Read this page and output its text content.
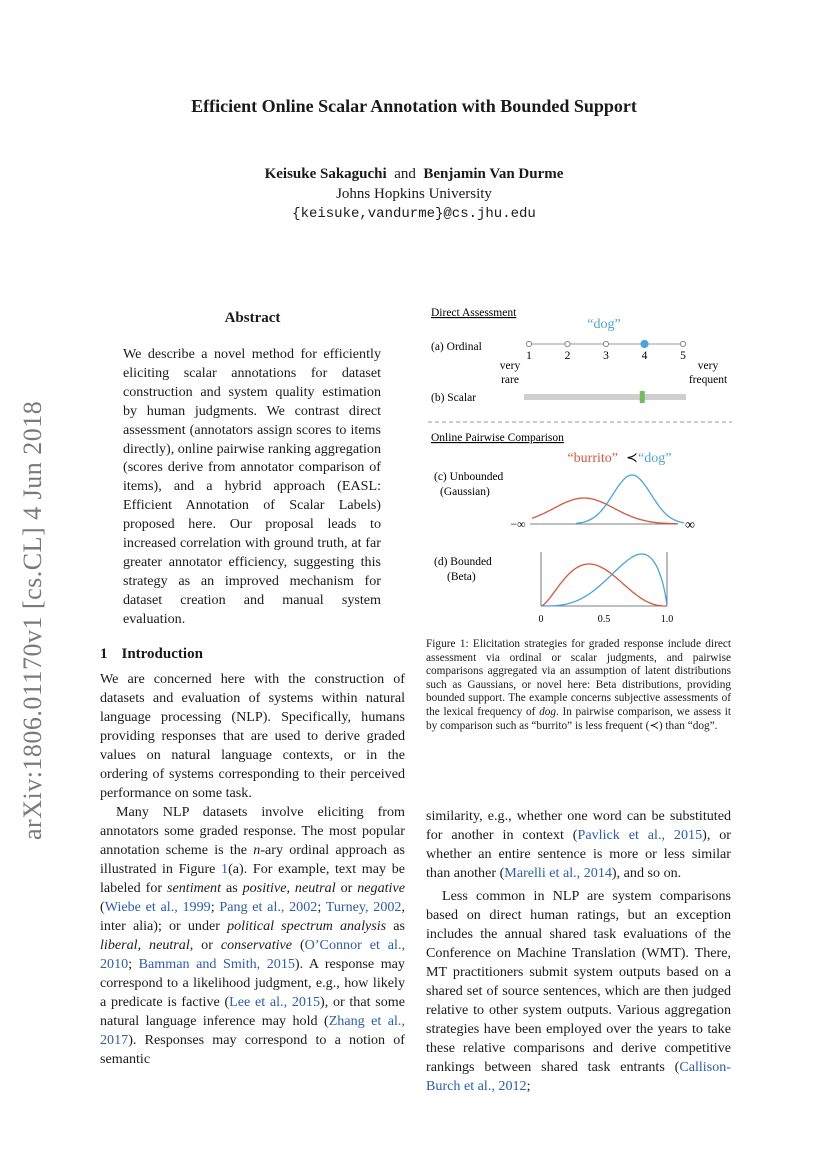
Efficient Online Scalar Annotation with Bounded Support
Keisuke Sakaguchi and Benjamin Van Durme
Johns Hopkins University
{keisuke,vandurme}@cs.jhu.edu
arXiv:1806.01170v1 [cs.CL] 4 Jun 2018
Abstract
We describe a novel method for efficiently eliciting scalar annotations for dataset construction and system quality estimation by human judgments. We contrast direct assessment (annotators assign scores to items directly), online pairwise ranking aggregation (scores derive from annotator comparison of items), and a hybrid approach (EASL: Efficient Annotation of Scalar Labels) proposed here. Our proposal leads to increased correlation with ground truth, at far greater annotator efficiency, suggesting this strategy as an improved mechanism for dataset creation and manual system evaluation.
1 Introduction

We are concerned here with the construction of datasets and evaluation of systems within natural language processing (NLP). Specifically, humans providing responses that are used to derive graded values on natural language contexts, or in the ordering of systems corresponding to their perceived performance on some task.

Many NLP datasets involve eliciting from annotators some graded response. The most popular annotation scheme is the n-ary ordinal approach as illustrated in Figure 1(a). For example, text may be labeled for sentiment as positive, neutral or negative (Wiebe et al., 1999; Pang et al., 2002; Turney, 2002, inter alia); or under political spectrum analysis as liberal, neutral, or conservative (O’Connor et al., 2010; Bamman and Smith, 2015). A response may correspond to a likelihood judgment, e.g., how likely a predicate is factive (Lee et al., 2015), or that some natural language inference may hold (Zhang et al., 2017). Responses may correspond to a notion of semantic

Direct Assessment
“dog”
(a) Ordinal
1	2	3	4	5
very
rare
very
frequent
(b) Scalar
Online Pairwise Comparison
“burrito” ≺ “dog”
(c) Unbounded
(Gaussian)
−∞	∞
(d) Bounded
(Beta)
0	0.5	1.0
Figure 1: Elicitation strategies for graded response include direct assessment via ordinal or scalar judgments, and pairwise comparisons aggregated via an assumption of latent distributions such as Gaussians, or novel here: Beta distributions, providing bounded support. The example concerns subjective assessments of the lexical frequency of dog. In pairwise comparison, we assess it by comparison such as “burrito” is less frequent (≺) than “dog”.

similarity, e.g., whether one word can be substituted for another in context (Pavlick et al., 2015), or whether an entire sentence is more or less similar than another (Marelli et al., 2014), and so on.

Less common in NLP are system comparisons based on direct human ratings, but an exception includes the annual shared task evaluations of the Conference on Machine Translation (WMT). There, MT practitioners submit system outputs based on a shared set of source sentences, which are then judged relative to other system outputs. Various aggregation strategies have been employed over the years to take these relative comparisons and derive competitive rankings between shared task entrants (Callison-Burch et al., 2012;
